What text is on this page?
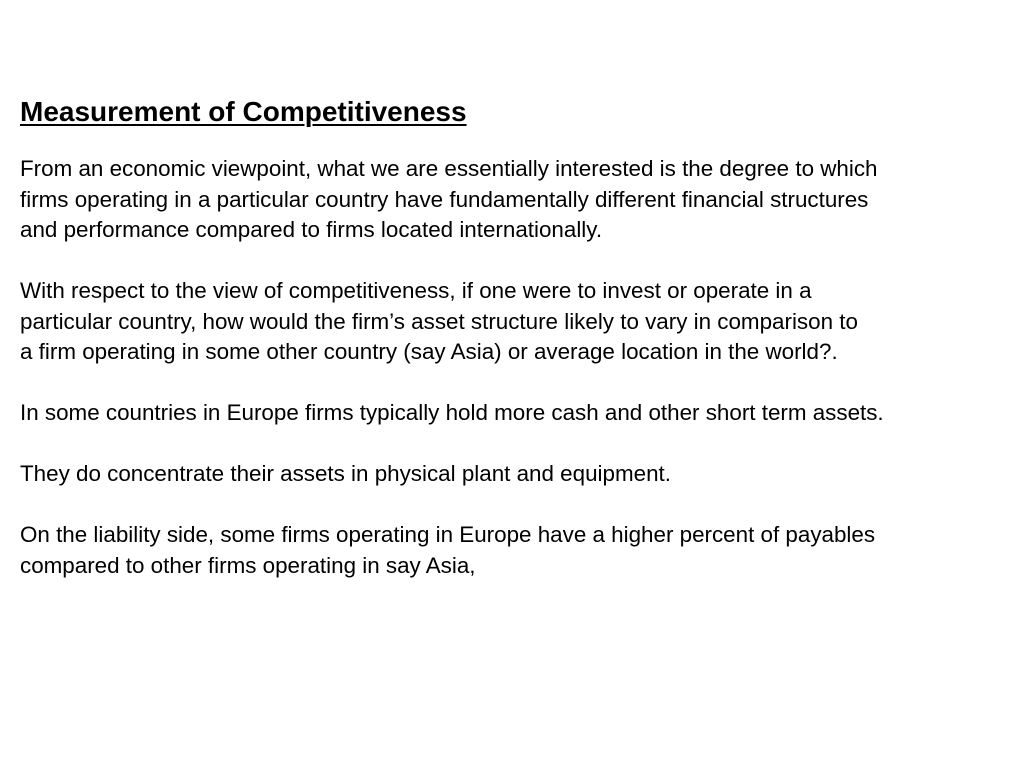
Measurement of Competitiveness

From an economic viewpoint, what we are essentially interested is the degree to which
firms operating in a particular country have fundamentally different financial structures
and performance compared to firms located internationally.

With respect to the view of competitiveness, if one were to invest or operate in a
particular country, how would the firm’s asset structure likely to vary in comparison to
a firm operating in some other country (say Asia) or average location in the world?.

In some countries in Europe firms typically hold more cash and other short term assets.

They do concentrate their assets in physical plant and equipment.

On the liability side, some firms operating in Europe have a higher percent of payables
compared to other firms operating in say Asia,
